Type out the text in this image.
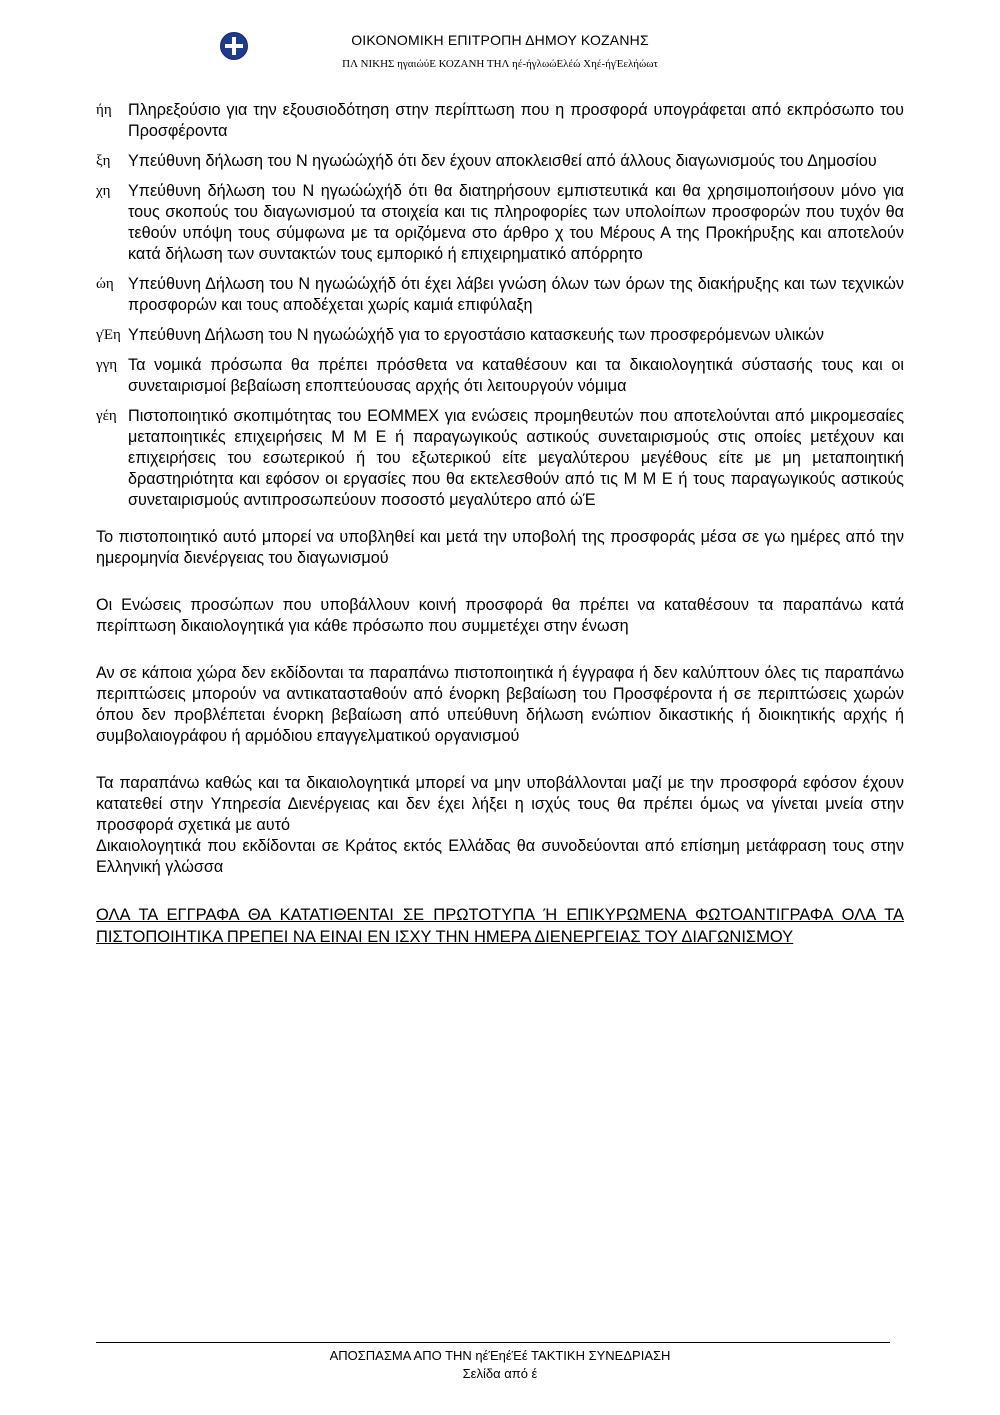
ΟΙΚΟΝΟΜΙΚΗ ΕΠΙΤΡΟΠΗ ΔΗΜΟΥ ΚΟΖΑΝΗΣ
ΠΛ ΝΙΚΗΣ ηγαιώύΕ ΚΟΖΑΝΗ ΤΗΛ ηέ-ήγλωώΕλέώ Χηέ-ήγΈελήώωτ
ήη Πληρεξούσιο για την εξουσιοδότηση στην περίπτωση που η προσφορά υπογράφεται από εκπρόσωπο του Προσφέροντα
ξη Υπεύθυνη δήλωση του Ν ηγωώώχήδ ότι δεν έχουν αποκλεισθεί από άλλους διαγωνισμούς του Δημοσίου
χη Υπεύθυνη δήλωση του Ν ηγωώώχήδ ότι θα διατηρήσουν εμπιστευτικά και θα χρησιμοποιήσουν μόνο για τους σκοπούς του διαγωνισμού τα στοιχεία και τις πληροφορίες των υπολοίπων προσφορών που τυχόν θα τεθούν υπόψη τους σύμφωνα με τα οριζόμενα στο άρθρο χ του Μέρους Α της Προκήρυξης και αποτελούν κατά δήλωση των συντακτών τους εμπορικό ή επιχειρηματικό απόρρητο
ώη Υπεύθυνη Δήλωση του Ν ηγωώώχήδ ότι έχει λάβει γνώση όλων των όρων της διακήρυξης και των τεχνικών προσφορών και τους αποδέχεται χωρίς καμιά επιφύλαξη
γΈη Υπεύθυνη Δήλωση του Ν ηγωώώχήδ για το εργοστάσιο κατασκευής των προσφερόμενων υλικών
γγη Τα νομικά πρόσωπα θα πρέπει πρόσθετα να καταθέσουν και τα δικαιολογητικά σύστασής τους και οι συνεταιρισμοί βεβαίωση εποπτεύουσας αρχής ότι λειτουργούν νόμιμα
γέη Πιστοποιητικό σκοπιμότητας του ΕΟΜΜΕΧ για ενώσεις προμηθευτών που αποτελούνται από μικρομεσαίες μεταποιητικές επιχειρήσεις Μ Μ Ε ή παραγωγικούς αστικούς συνεταιρισμούς στις οποίες μετέχουν και επιχειρήσεις του εσωτερικού ή του εξωτερικού είτε μεγαλύτερου μεγέθους είτε με μη μεταποιητική δραστηριότητα και εφόσον οι εργασίες που θα εκτελεσθούν από τις Μ Μ Ε ή τους παραγωγικούς αστικούς συνεταιρισμούς αντιπροσωπεύουν ποσοστό μεγαλύτερο από ώΈ
Το πιστοποιητικό αυτό μπορεί να υποβληθεί και μετά την υποβολή της προσφοράς μέσα σε γω ημέρες από την ημερομηνία διενέργειας του διαγωνισμού
Οι Ενώσεις προσώπων που υποβάλλουν κοινή προσφορά θα πρέπει να καταθέσουν τα παραπάνω κατά περίπτωση δικαιολογητικά για κάθε πρόσωπο που συμμετέχει στην ένωση
Αν σε κάποια χώρα δεν εκδίδονται τα παραπάνω πιστοποιητικά ή έγγραφα ή δεν καλύπτουν όλες τις παραπάνω περιπτώσεις μπορούν να αντικατασταθούν από ένορκη βεβαίωση του Προσφέροντα ή σε περιπτώσεις χωρών όπου δεν προβλέπεται ένορκη βεβαίωση από υπεύθυνη δήλωση ενώπιον δικαστικής ή διοικητικής αρχής ή συμβολαιογράφου ή αρμόδιου επαγγελματικού οργανισμού
Τα παραπάνω καθώς και τα δικαιολογητικά μπορεί να μην υποβάλλονται μαζί με την προσφορά εφόσον έχουν κατατεθεί στην Υπηρεσία Διενέργειας και δεν έχει λήξει η ισχύς τους θα πρέπει όμως να γίνεται μνεία στην προσφορά σχετικά με αυτό
Δικαιολογητικά που εκδίδονται σε Κράτος εκτός Ελλάδας θα συνοδεύονται από επίσημη μετάφραση τους στην Ελληνική γλώσσα
ΟΛΑ ΤΑ ΕΓΓΡΑΦΑ ΘΑ ΚΑΤΑΤΙΘΕΝΤΑΙ ΣΕ ΠΡΩΤΟΤΥΠΑ Ή ΕΠΙΚΥΡΩΜΕΝΑ ΦΩΤΟΑΝΤΙΓΡΑΦΑ ΟΛΑ ΤΑ ΠΙΣΤΟΠΟΙΗΤΙΚΑ ΠΡΕΠΕΙ ΝΑ ΕΙΝΑΙ ΕΝ ΙΣΧΥ ΤΗΝ ΗΜΕΡΑ ΔΙΕΝΕΡΓΕΙΑΣ ΤΟΥ ΔΙΑΓΩΝΙΣΜΟΥ
ΑΠΟΣΠΑΣΜΑ ΑΠΟ ΤΗΝ ηέΈηέΈέ ΤΑΚΤΙΚΗ ΣΥΝΕΔΡΙΑΣΗ
Σελίδα από έ
